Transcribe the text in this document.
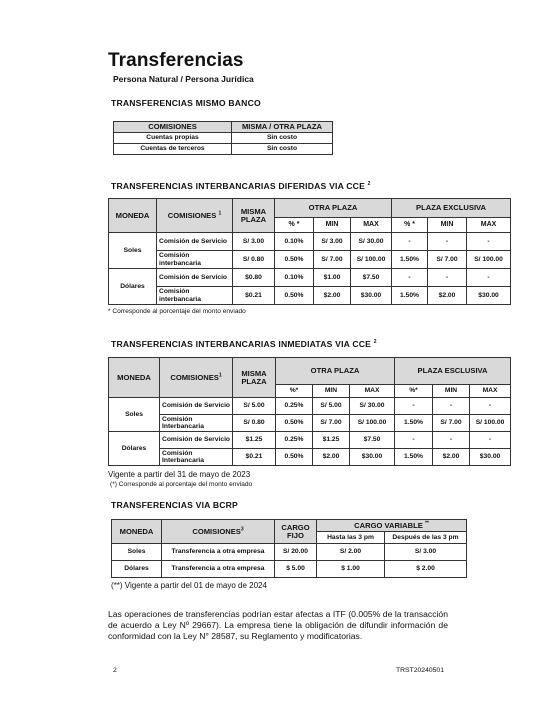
Transferencias
Persona Natural / Persona Jurídica
TRANSFERENCIAS MISMO BANCO
COMISIONES	MISMA / OTRA PLAZA
Cuentas propias	Sin costo
Cuentas de terceros	Sin costo
TRANSFERENCIAS INTERBANCARIAS DIFERIDAS VIA CCE $^2$
MONEDA	COMISIONES $^1$	MISMA PLAZA	OTRA PLAZA			PLAZA EXCLUSIVA		
			% *	MIN	MAX	% *	MIN	MAX
Soles	Comisión de Servicio	S/ 3.00	0.10%	S/ 3.00	S/ 30.00	-	-	-
	Comisión interbancaria	S/ 0.80	0.50%	S/ 7.00	S/ 100.00	1.50%	S/ 7.00	S/ 100.00
Dólares	Comisión de Servicio	$0.80	0.10%	$1.00	$7.50	-	-	-
	Comisión interbancaria	$0.21	0.50%	$2.00	$30.00	1.50%	$2.00	$30.00
* Corresponde al porcentaje del monto enviado
TRANSFERENCIAS INTERBANCARIAS INMEDIATAS VIA CCE $^2$
MONEDA	COMISIONES$^1$	MISMA PLAZA	OTRA PLAZA			PLAZA ESCLUSIVA		
			%*	MIN	MAX	%*	MIN	MAX
Soles	Comisión de Servicio	S/ 5.00	0.25%	S/ 5.00	S/ 30.00	-	-	-
	Comisión Interbancaria	S/ 0.80	0.50%	S/ 7.00	S/ 100.00	1.50%	S/ 7.00	S/ 100.00
Dólares	Comisión de Servicio	$1.25	0.25%	$1.25	$7.50	-	-	-
	Comisión Interbancaria	$0.21	0.50%	$2.00	$30.00	1.50%	$2.00	$30.00
Vigente a partir del 31 de mayo de 2023
(*) Corresponde al porcentaje del monto enviado
TRANSFERENCIAS VIA BCRP
MONEDA	COMISIONES$^3$	CARGO FIJO	CARGO VARIABLE **
			Hasta las 3 pm	Después de las 3 pm
Soles	Transferencia a otra empresa	S/ 20.00	S/ 2.00	S/ 3.00
Dólares	Transferencia a otra empresa	$ 5.00	$ 1.00	$ 2.00
(**) Vigente a partir del 01 de mayo de 2024
Las operaciones de transferencias podrían estar afectas a ITF (0.005% de la transacción de acuerdo a Ley Nº 29667). La empresa tiene la obligación de difundir información de conformidad con la Ley N° 28587, su Reglamento y modificatorias.
2	TRST20240501
